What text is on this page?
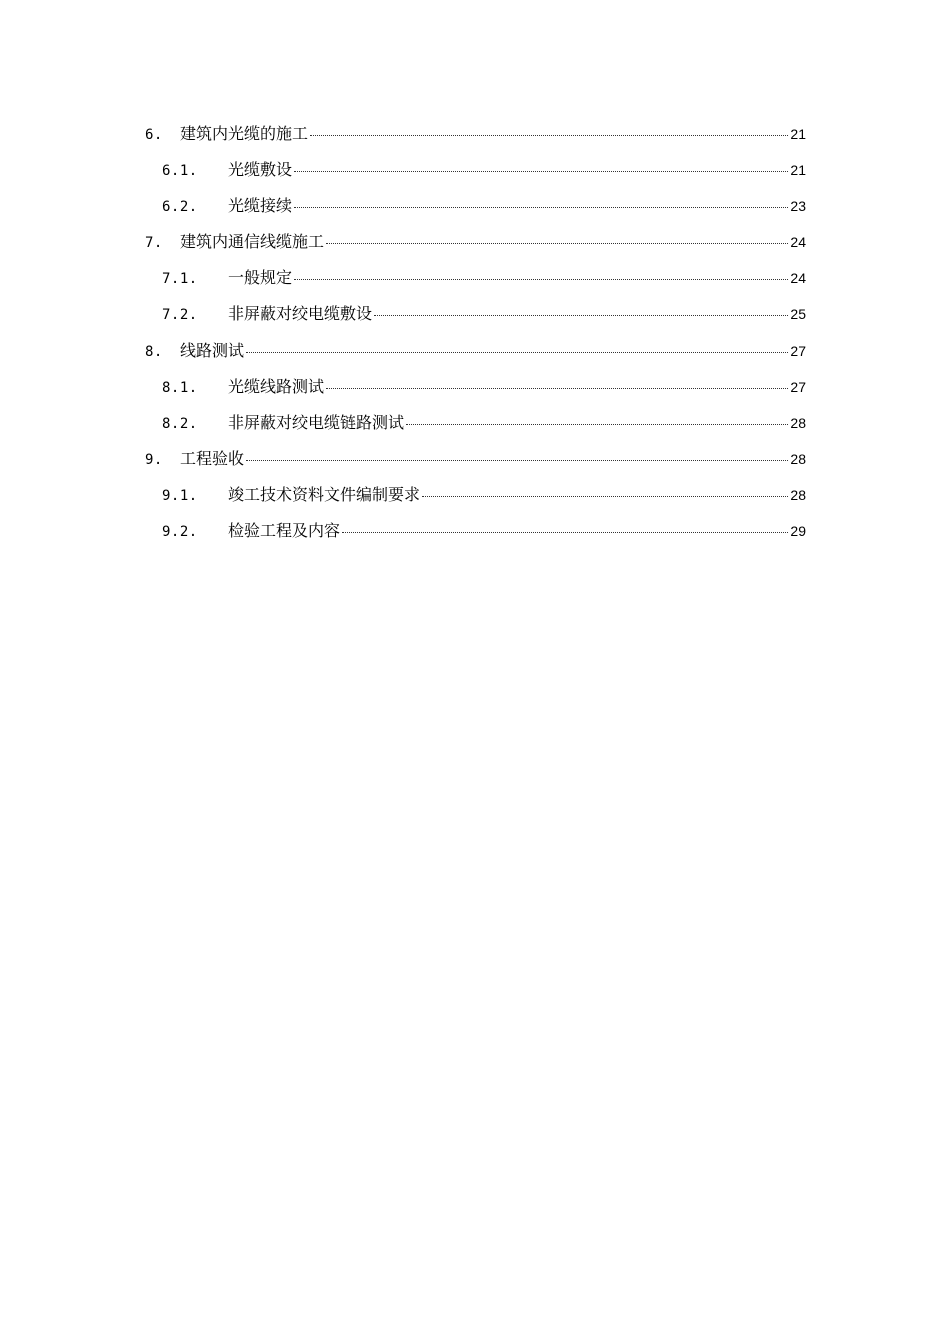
6.	建筑内光缆的施工	21
6.1.	光缆敷设	21
6.2.	光缆接续	23
7.	建筑内通信线缆施工	24
7.1.	一般规定	24
7.2.	非屏蔽对绞电缆敷设	25
8.	线路测试	27
8.1.	光缆线路测试	27
8.2.	非屏蔽对绞电缆链路测试	28
9.	工程验收	28
9.1.	竣工技术资料文件编制要求	28
9.2.	检验工程及内容	29
